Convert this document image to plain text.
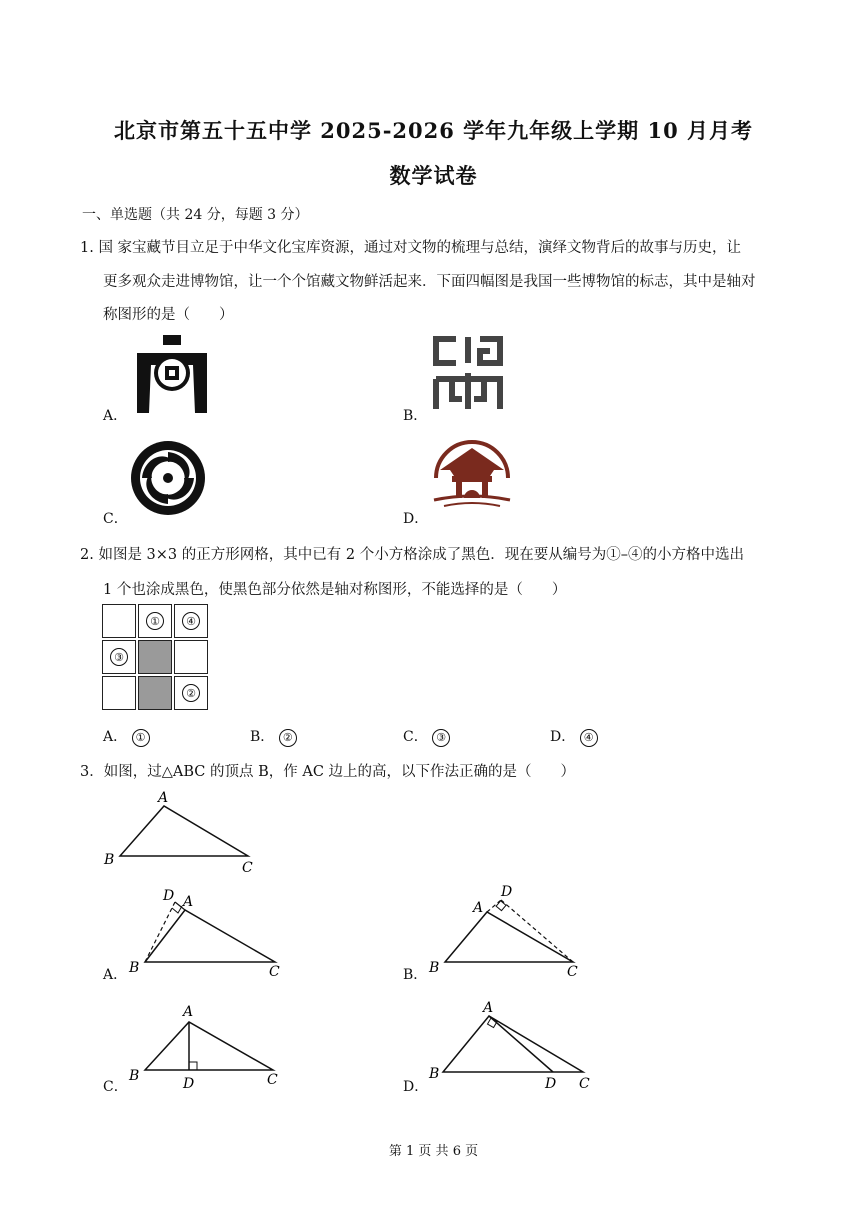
北京市第五十五中学 2025-2026 学年九年级上学期 10 月月考
数学试卷
一、单选题（共 24 分，每题 3 分）
1. 国 家宝藏节目立足于中华文化宝库资源，通过对文物的梳理与总结，演绎文物背后的故事与历史，让
更多观众走进博物馆，让一个个馆藏文物鲜活起来．下面四幅图是我国一些博物馆的标志，其中是轴对
称图形的是（　　）
A．	B．
C．	D．
2. 如图是 3×3 的正方形网格，其中已有 2 个小方格涂成了黑色．现在要从编号为①–④的小方格中选出
1 个也涂成黑色，使黑色部分依然是轴对称图形，不能选择的是（　　）
①	④
③
②
A． ①	B． ②	C． ③	D． ④
3．如图，过△ABC 的顶点 B，作 AC 边上的高，以下作法正确的是（　　）
A
B	C
A．
D A
B	C	B．
D
A
B	C
C．
A
B	D	C	D．
A
B
D C
第 1 页 共 6 页
